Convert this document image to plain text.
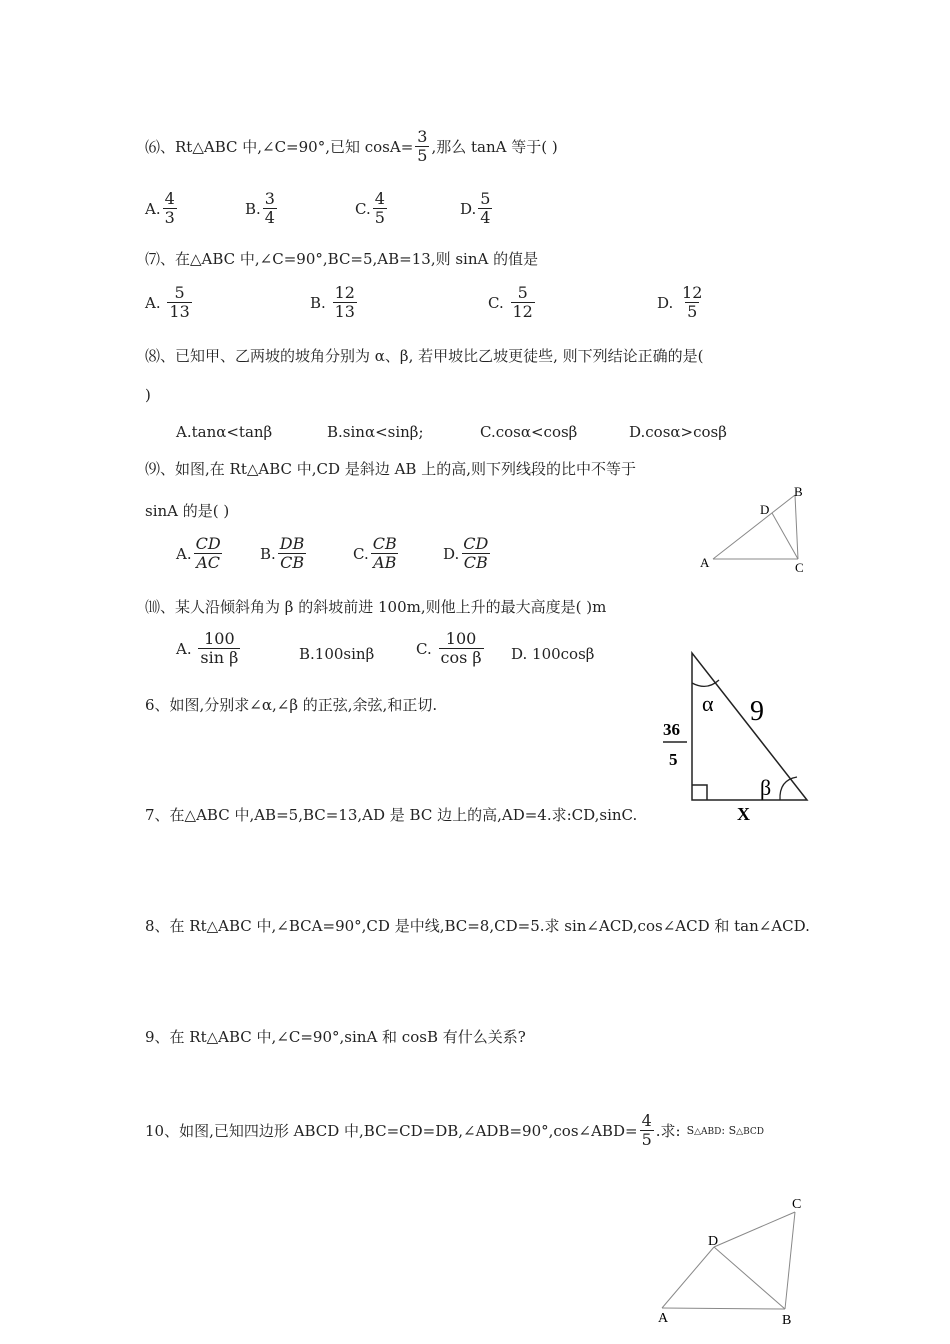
⑹、Rt△ABC 中,∠C=90°,已知 $\cos A= \frac{3}{5}$ ,那么 tanA 等于( )
A. $\frac{4}{3}$	B. $\frac{3}{4}$	C. $\frac{4}{5}$	D. $\frac{5}{4}$
⑺、在△ABC 中,∠C=90°,BC=5,AB=13,则 sinA 的值是
A.
$\frac{5}{13}$	B.
$\frac{12}{13}$	C.
$\frac{5}{12}$	D.
$\frac{12}{5}$
⑻、已知甲、乙两坡的坡角分别为 α、β, 若甲坡比乙坡更徒些, 则下列结论正确的是(
)
A.tanα<tanβ	B.sinα<sinβ;	C.cosα<cosβ	D.cosα>cosβ
⑼、如图,在 Rt△ABC 中,CD 是斜边 AB 上的高,则下列线段的比中不等于
sinA 的是( )
A. $\frac{CD}{AC} B$. $\frac{DB}{CB}$	C. $\frac{CB}{AB}$	D. $\frac{CD}{CB}$	A
B
C
D
⑽、某人沿倾斜角为 β 的斜坡前进 100m,则他上升的最大高度是( )m
A.
$\frac{100}{\text{sin β}}$	B.100sinβ	C.
$\frac{100}{\text{cos β}} D$. 100cosβ
6、如图,分别求∠α,∠β 的正弦,余弦,和正切.	α 9
β
36
5
X
7、在△ABC 中,AB=5,BC=13,AD 是 BC 边上的高,AD=4.求:CD,sinC.
8、在 Rt△ABC 中,∠BCA=90°,CD 是中线,BC=8,CD=5.求 sin∠ACD,cos∠ACD 和 tan∠ACD.
9、在 Rt△ABC 中,∠C=90°,sinA 和 cosB 有什么关系?
10、如图,已知四边形 ABCD 中,BC=CD=DB,∠ADB=90°,cos∠ABD= $\frac{4}{5}$ .求: S△ABD: S△BCD
A	B
C
D
